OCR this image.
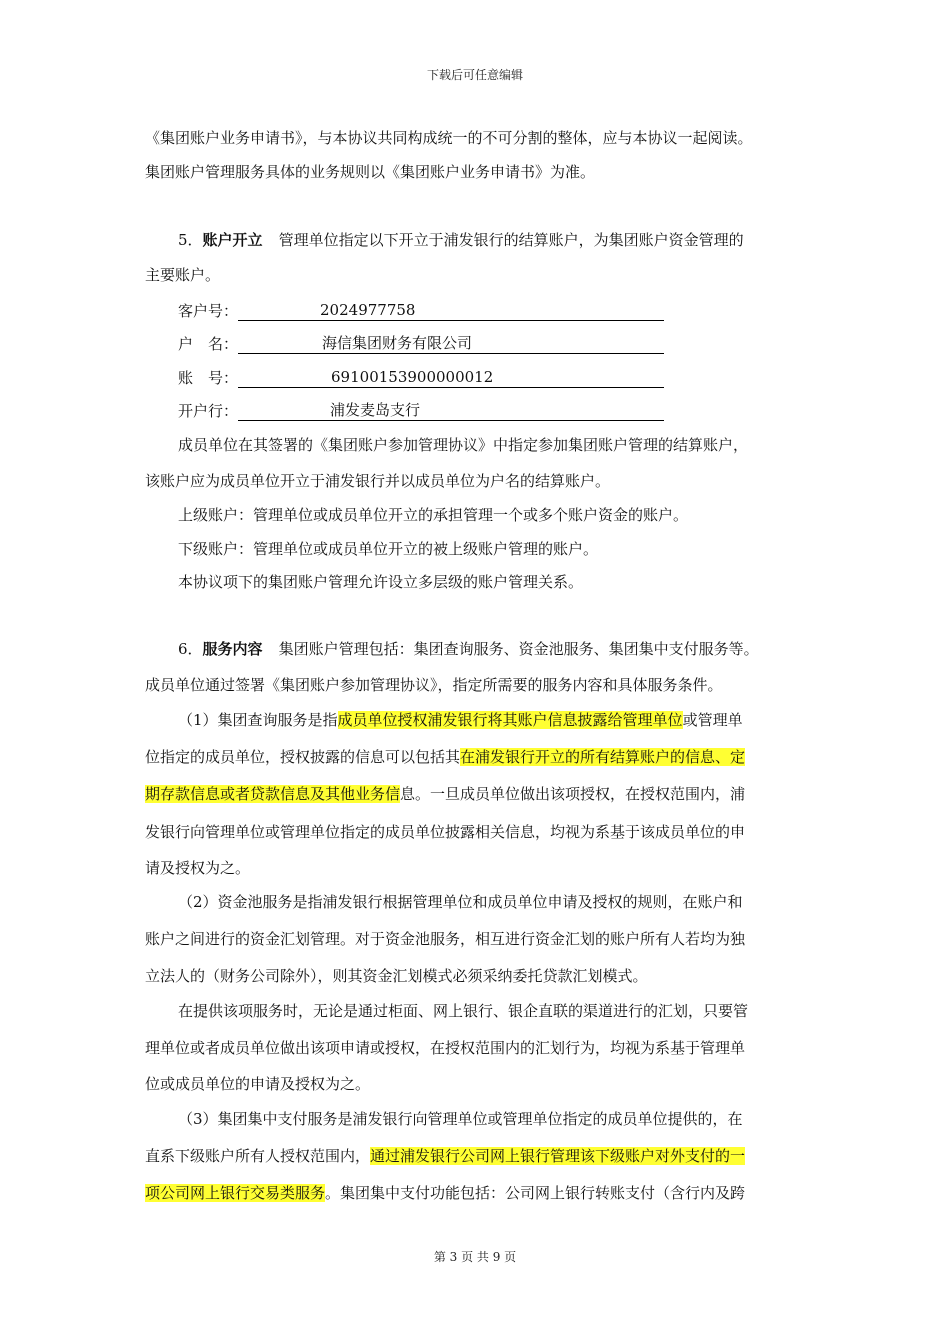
下载后可任意编辑
《集团账户业务申请书》，与本协议共同构成统一的不可分割的整体，应与本协议一起阅读。
集团账户管理服务具体的业务规则以《集团账户业务申请书》为准。
5．账户开立 管理单位指定以下开立于浦发银行的结算账户，为集团账户资金管理的
主要账户。
客户号：	2024977758
户　名：	海信集团财务有限公司
账　号：	69100153900000012
开户行：	浦发麦岛支行
成员单位在其签署的《集团账户参加管理协议》中指定参加集团账户管理的结算账户，
该账户应为成员单位开立于浦发银行并以成员单位为户名的结算账户。
上级账户：管理单位或成员单位开立的承担管理一个或多个账户资金的账户。
下级账户：管理单位或成员单位开立的被上级账户管理的账户。
本协议项下的集团账户管理允许设立多层级的账户管理关系。
6．服务内容 集团账户管理包括：集团查询服务、资金池服务、集团集中支付服务等。
成员单位通过签署《集团账户参加管理协议》，指定所需要的服务内容和具体服务条件。
（1）集团查询服务是指成员单位授权浦发银行将其账户信息披露给管理单位或管理单
位指定的成员单位，授权披露的信息可以包括其在浦发银行开立的所有结算账户的信息、定
期存款信息或者贷款信息及其他业务信息。一旦成员单位做出该项授权，在授权范围内，浦
发银行向管理单位或管理单位指定的成员单位披露相关信息，均视为系基于该成员单位的申
请及授权为之。
（2）资金池服务是指浦发银行根据管理单位和成员单位申请及授权的规则，在账户和
账户之间进行的资金汇划管理。对于资金池服务，相互进行资金汇划的账户所有人若均为独
立法人的（财务公司除外），则其资金汇划模式必须采纳委托贷款汇划模式。
在提供该项服务时，无论是通过柜面、网上银行、银企直联的渠道进行的汇划，只要管
理单位或者成员单位做出该项申请或授权，在授权范围内的汇划行为，均视为系基于管理单
位或成员单位的申请及授权为之。
（3）集团集中支付服务是浦发银行向管理单位或管理单位指定的成员单位提供的，在
直系下级账户所有人授权范围内，通过浦发银行公司网上银行管理该下级账户对外支付的一
项公司网上银行交易类服务。集团集中支付功能包括：公司网上银行转账支付（含行内及跨
第 3 页 共 9 页
